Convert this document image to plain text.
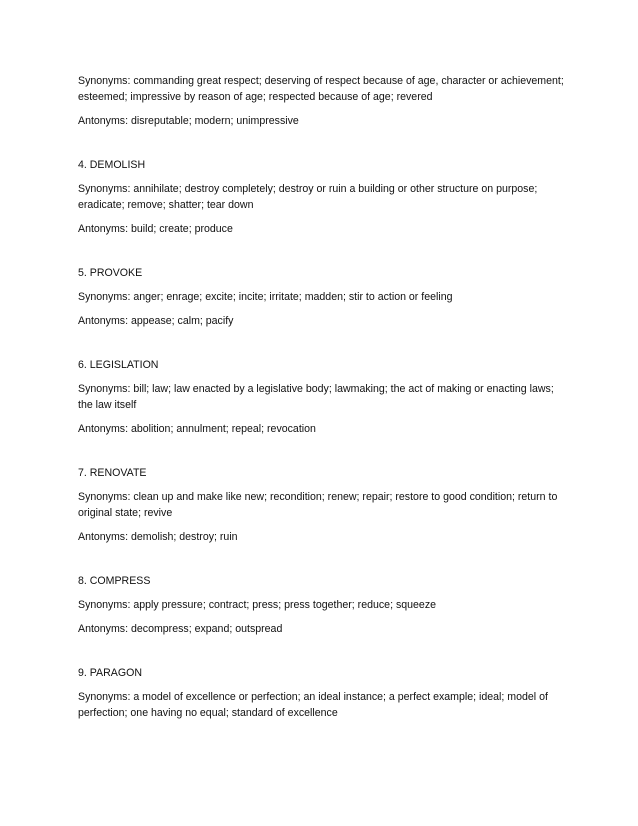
Synonyms: commanding great respect; deserving of respect because of age, character or achievement; esteemed; impressive by reason of age; respected because of age; revered

Antonyms: disreputable; modern; unimpressive

4. DEMOLISH

Synonyms: annihilate; destroy completely; destroy or ruin a building or other structure on purpose; eradicate; remove; shatter; tear down

Antonyms: build; create; produce

5. PROVOKE

Synonyms: anger; enrage; excite; incite; irritate; madden; stir to action or feeling

Antonyms: appease; calm; pacify

6. LEGISLATION

Synonyms: bill; law; law enacted by a legislative body; lawmaking; the act of making or enacting laws; the law itself

Antonyms: abolition; annulment; repeal; revocation

7. RENOVATE

Synonyms: clean up and make like new; recondition; renew; repair; restore to good condition; return to original state; revive

Antonyms: demolish; destroy; ruin

8. COMPRESS

Synonyms: apply pressure; contract; press; press together; reduce; squeeze

Antonyms: decompress; expand; outspread

9. PARAGON

Synonyms: a model of excellence or perfection; an ideal instance; a perfect example; ideal; model of perfection; one having no equal; standard of excellence
